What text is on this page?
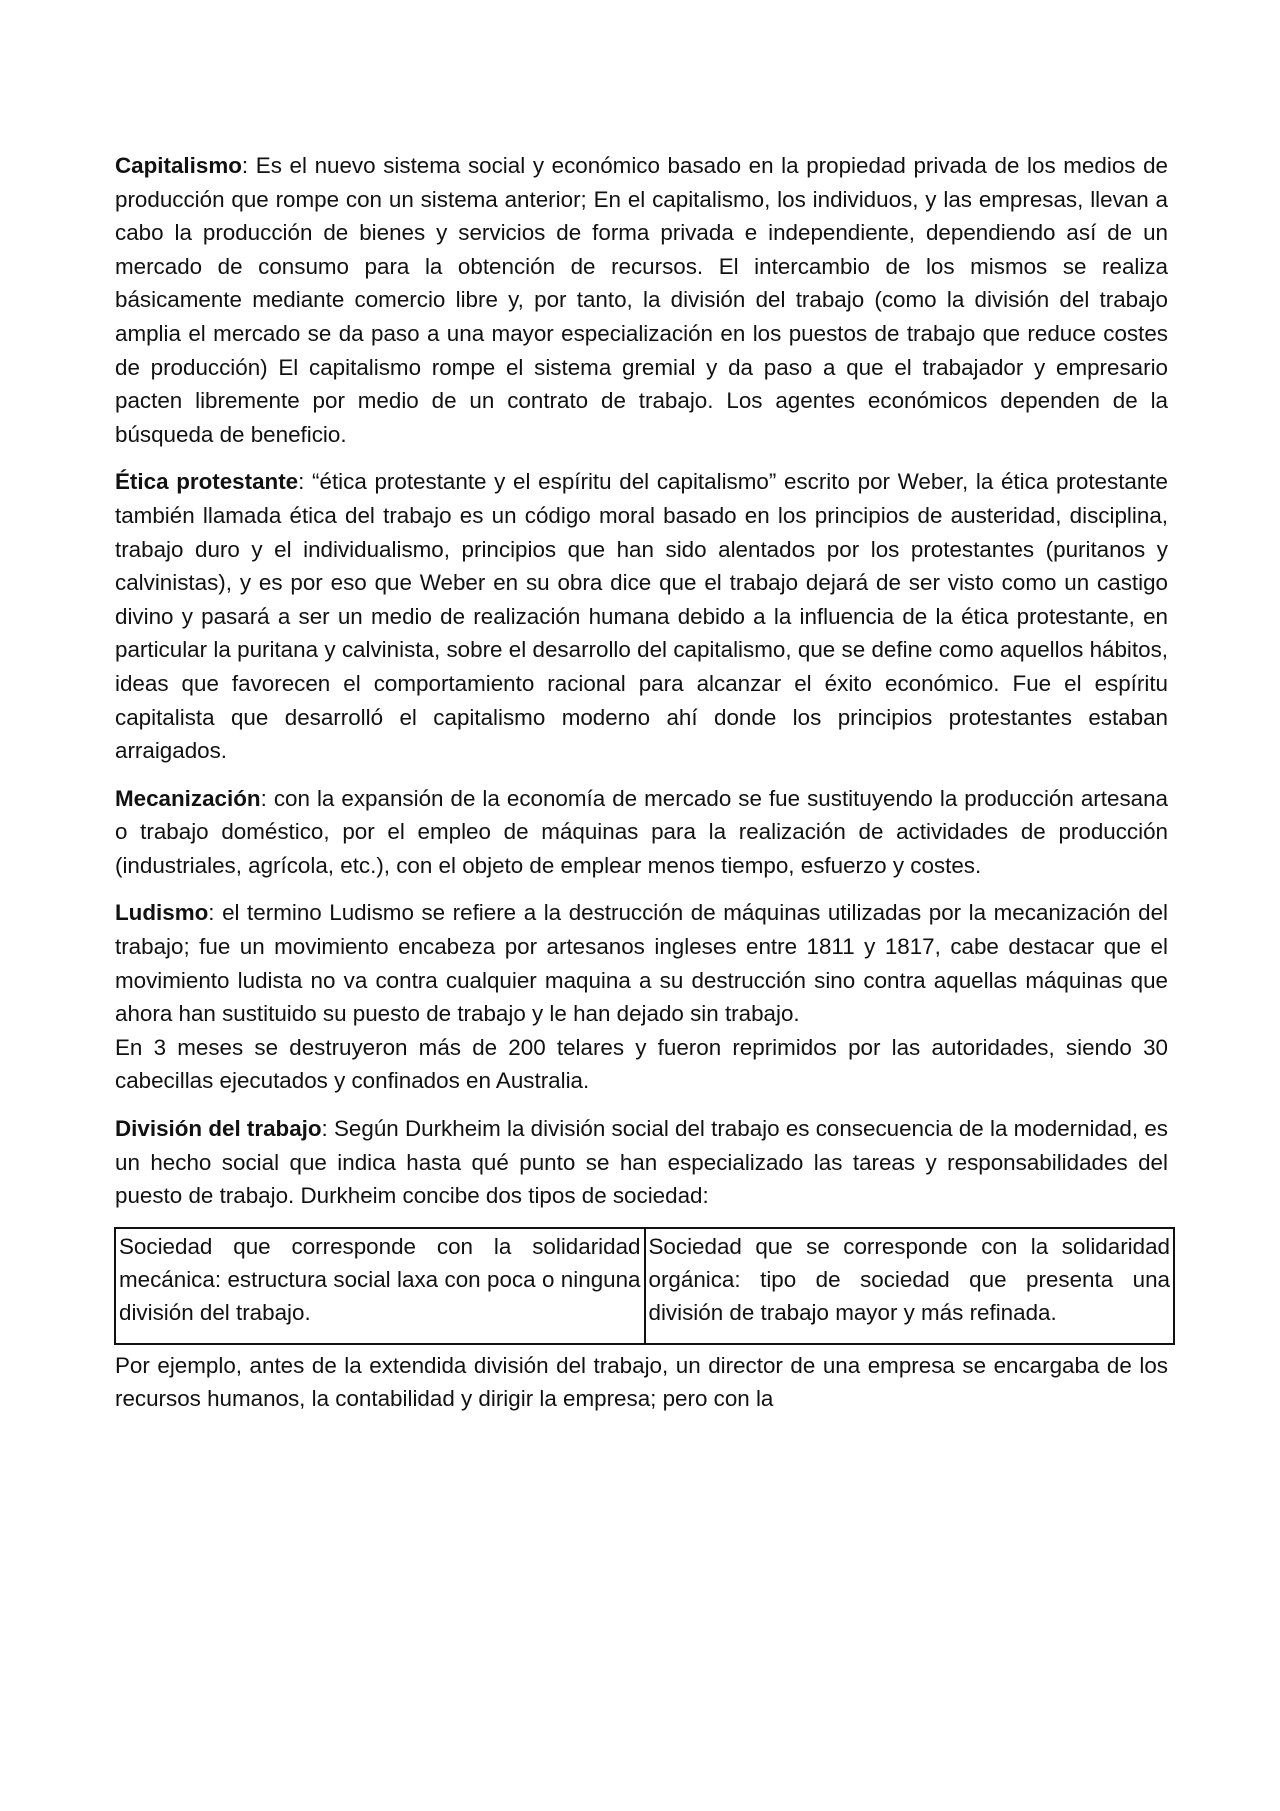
Capitalismo: Es el nuevo sistema social y económico basado en la propiedad privada de los medios de producción que rompe con un sistema anterior; En el capitalismo, los individuos, y las empresas, llevan a cabo la producción de bienes y servicios de forma privada e independiente, dependiendo así de un mercado de consumo para la obtención de recursos. El intercambio de los mismos se realiza básicamente mediante comercio libre y, por tanto, la división del trabajo (como la división del trabajo amplia el mercado se da paso a una mayor especialización en los puestos de trabajo que reduce costes de producción) El capitalismo rompe el sistema gremial y da paso a que el trabajador y empresario pacten libremente por medio de un contrato de trabajo. Los agentes económicos dependen de la búsqueda de beneficio.

Ética protestante: “ética protestante y el espíritu del capitalismo” escrito por Weber, la ética protestante también llamada ética del trabajo es un código moral basado en los principios de austeridad, disciplina, trabajo duro y el individualismo, principios que han sido alentados por los protestantes (puritanos y calvinistas), y es por eso que Weber en su obra dice que el trabajo dejará de ser visto como un castigo divino y pasará a ser un medio de realización humana debido a la influencia de la ética protestante, en particular la puritana y calvinista, sobre el desarrollo del capitalismo, que se define como aquellos hábitos, ideas que favorecen el comportamiento racional para alcanzar el éxito económico. Fue el espíritu capitalista que desarrolló el capitalismo moderno ahí donde los principios protestantes estaban arraigados.

Mecanización: con la expansión de la economía de mercado se fue sustituyendo la producción artesana o trabajo doméstico, por el empleo de máquinas para la realización de actividades de producción (industriales, agrícola, etc.), con el objeto de emplear menos tiempo, esfuerzo y costes.

Ludismo: el termino Ludismo se refiere a la destrucción de máquinas utilizadas por la mecanización del trabajo; fue un movimiento encabeza por artesanos ingleses entre 1811 y 1817, cabe destacar que el movimiento ludista no va contra cualquier maquina a su destrucción sino contra aquellas máquinas que ahora han sustituido su puesto de trabajo y le han dejado sin trabajo.
En 3 meses se destruyeron más de 200 telares y fueron reprimidos por las autoridades, siendo 30 cabecillas ejecutados y confinados en Australia.

División del trabajo: Según Durkheim la división social del trabajo es consecuencia de la modernidad, es un hecho social que indica hasta qué punto se han especializado las tareas y responsabilidades del puesto de trabajo. Durkheim concibe dos tipos de sociedad:

Sociedad que corresponde con la solidaridad mecánica: estructura social laxa con poca o ninguna división del trabajo.	Sociedad que se corresponde con la solidaridad orgánica: tipo de sociedad que presenta una división de trabajo mayor y más refinada.

Por ejemplo, antes de la extendida división del trabajo, un director de una empresa se encargaba de los recursos humanos, la contabilidad y dirigir la empresa; pero con la
